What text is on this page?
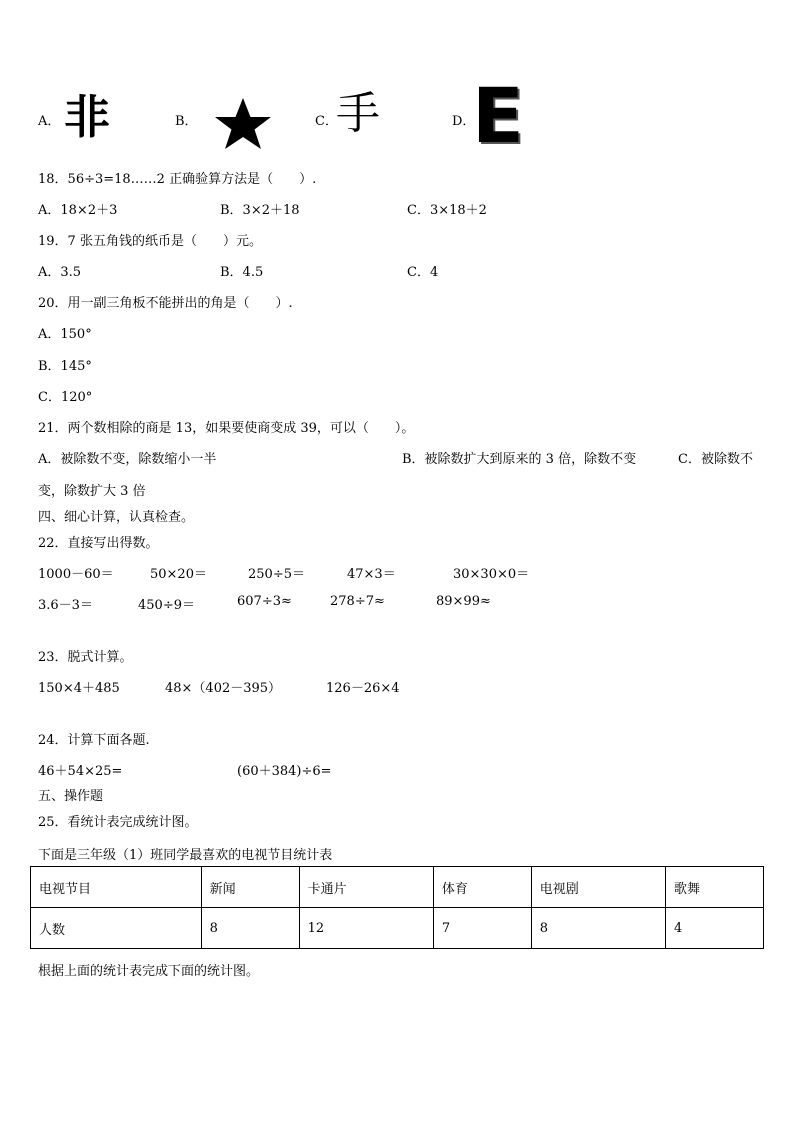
A． 非	B．	C．
手	D．
E
18．56÷3=18……2 正确验算方法是（　　）.
A．18×2＋3	B．3×2＋18	C．3×18＋2
19．7 张五角钱的纸币是（　　）元。
A．3.5	B．4.5	C．4
20．用一副三角板不能拼出的角是（　　）.
A．150°
B．145°
C．120°
21．两个数相除的商是 13，如果要使商变成 39，可以（　　）。
A．被除数不变，除数缩小一半	B．被除数扩大到原来的 3 倍，除数不变	C．被除数不
变，除数扩大 3 倍
四、细心计算，认真检查。
22．直接写出得数。
1000－60＝	50×20＝	250÷5＝	47×3＝	30×30×0＝
3.6－3＝	450÷9＝	607÷3≈	278÷7≈	89×99≈
23．脱式计算。
150×4＋485	48×（402－395）	126－26×4
24．计算下面各题.
46＋54×25=	(60＋384)÷6=
五、操作题
25．看统计表完成统计图。
下面是三年级（1）班同学最喜欢的电视节目统计表
电视节目	新闻	卡通片	体育	电视剧	歌舞
人数	8	12	7	8	4
根据上面的统计表完成下面的统计图。
